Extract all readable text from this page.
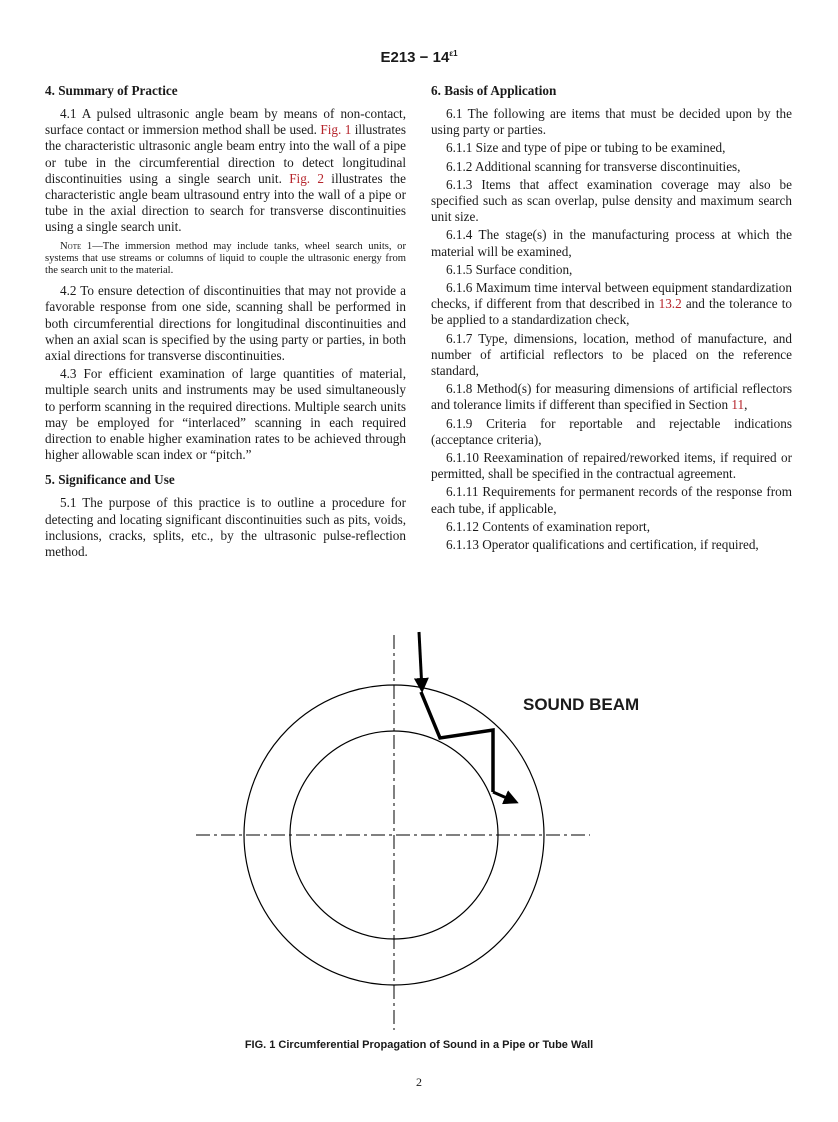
$E213 - 14^{\varepsilon 1}$
4. Summary of Practice

4.1 A pulsed ultrasonic angle beam by means of non-contact, surface contact or immersion method shall be used. Fig. 1 illustrates the characteristic ultrasonic angle beam entry into the wall of a pipe or tube in the circumferential direction to detect longitudinal discontinuities using a single search unit. Fig. 2 illustrates the characteristic angle beam ultrasound entry into the wall of a pipe or tube in the axial direction to search for transverse discontinuities using a single search unit.

Note 1—The immersion method may include tanks, wheel search units, or systems that use streams or columns of liquid to couple the ultrasonic energy from the search unit to the material.

4.2 To ensure detection of discontinuities that may not provide a favorable response from one side, scanning shall be performed in both circumferential directions for longitudinal discontinuities and when an axial scan is specified by the using party or parties, in both axial directions for transverse discontinuities.

4.3 For efficient examination of large quantities of material, multiple search units and instruments may be used simultaneously to perform scanning in the required directions. Multiple search units may be employed for “interlaced” scanning in each required direction to enable higher examination rates to be achieved through higher allowable scan index or “pitch.”

5. Significance and Use

5.1 The purpose of this practice is to outline a procedure for detecting and locating significant discontinuities such as pits, voids, inclusions, cracks, splits, etc., by the ultrasonic pulse-reflection method.

6. Basis of Application

6.1 The following are items that must be decided upon by the using party or parties.

6.1.1 Size and type of pipe or tubing to be examined,

6.1.2 Additional scanning for transverse discontinuities,

6.1.3 Items that affect examination coverage may also be specified such as scan overlap, pulse density and maximum search unit size.

6.1.4 The stage(s) in the manufacturing process at which the material will be examined,

6.1.5 Surface condition,

6.1.6 Maximum time interval between equipment standardization checks, if different from that described in 13.2 and the tolerance to be applied to a standardization check,

6.1.7 Type, dimensions, location, method of manufacture, and number of artificial reflectors to be placed on the reference standard,

6.1.8 Method(s) for measuring dimensions of artificial reflectors and tolerance limits if different than specified in Section 11,

6.1.9 Criteria for reportable and rejectable indications (acceptance criteria),

6.1.10 Reexamination of repaired/reworked items, if required or permitted, shall be specified in the contractual agreement.

6.1.11 Requirements for permanent records of the response from each tube, if applicable,

6.1.12 Contents of examination report,

6.1.13 Operator qualifications and certification, if required,

SOUND BEAM
FIG. 1 Circumferential Propagation of Sound in a Pipe or Tube Wall
2
